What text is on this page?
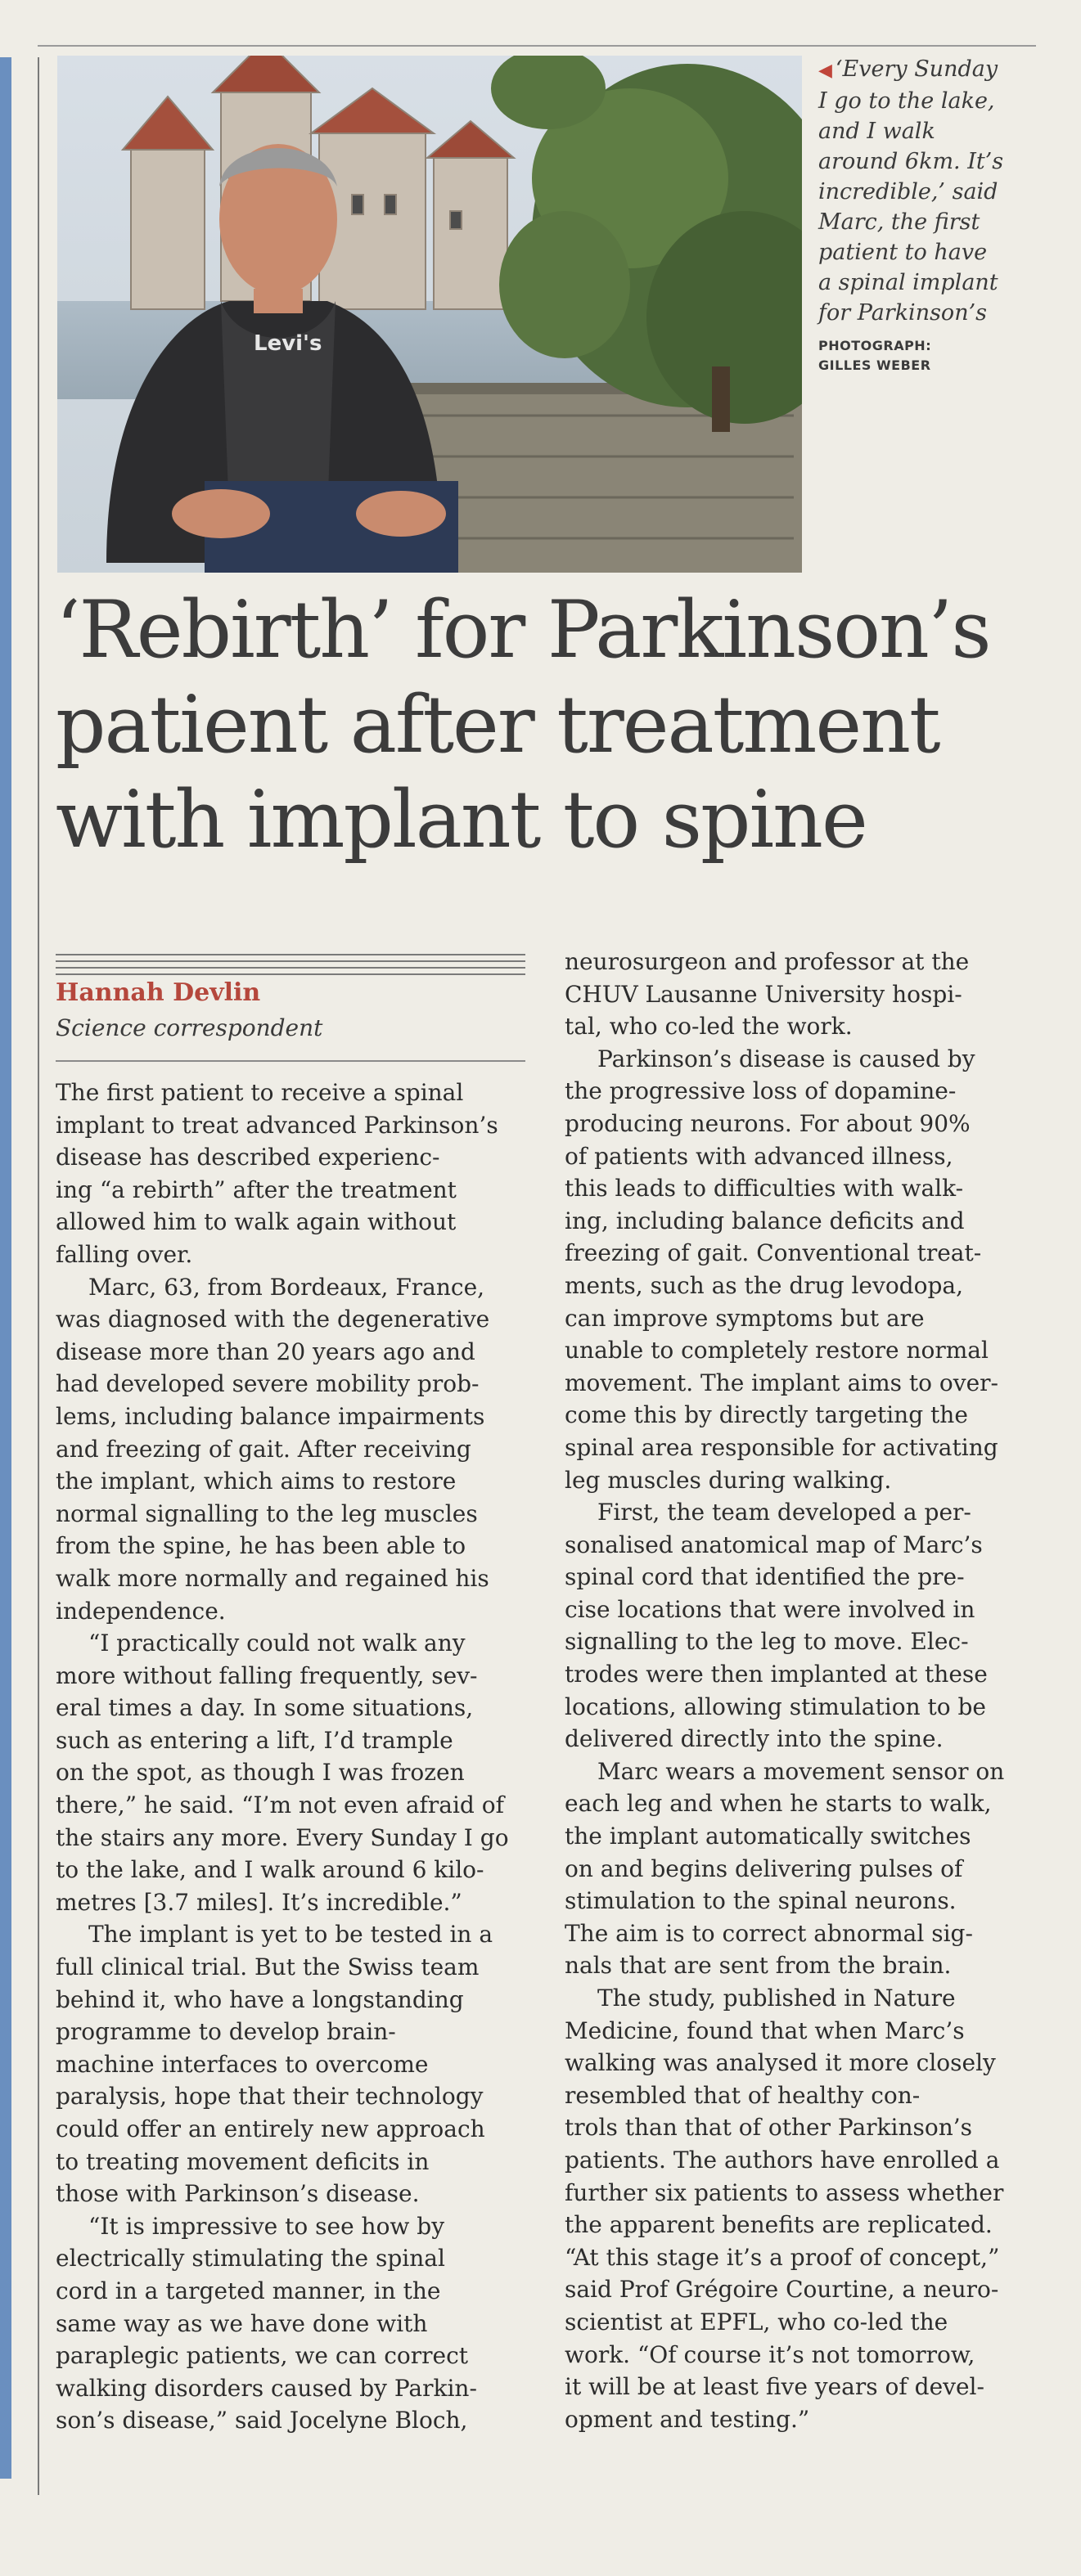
Levi's
◀ ‘Every Sunday
I go to the lake,
and I walk
around 6km. It’s
incredible,’ said
Marc, the first
patient to have
a spinal implant
for Parkinson’s
PHOTOGRAPH:
GILLES WEBER
‘Rebirth’ for Parkinson’s
patient after treatment
with implant to spine
Hannah Devlin
Science correspondent

The first patient to receive a spinal

implant to treat advanced Parkinson’s

disease has described experienc-

ing “a rebirth” after the treatment

allowed him to walk again without

falling over.

Marc, 63, from Bordeaux, France,

was diagnosed with the degenerative

disease more than 20 years ago and

had developed severe mobility prob-

lems, including balance impairments

and freezing of gait. After receiving

the implant, which aims to restore

normal signalling to the leg muscles

from the spine, he has been able to

walk more normally and regained his

independence.

“I practically could not walk any

more without falling frequently, sev-

eral times a day. In some situations,

such as entering a lift, I’d trample

on the spot, as though I was frozen

there,” he said. “I’m not even afraid of

the stairs any more. Every Sunday I go

to the lake, and I walk around 6 kilo-

metres [3.7 miles]. It’s incredible.”

The implant is yet to be tested in a

full clinical trial. But the Swiss team

behind it, who have a longstanding

programme to develop brain-

machine interfaces to overcome

paralysis, hope that their technology

could offer an entirely new approach

to treating movement deficits in

those with Parkinson’s disease.

“It is impressive to see how by

electrically stimulating the spinal

cord in a targeted manner, in the

same way as we have done with

paraplegic patients, we can correct

walking disorders caused by Parkin-

son’s disease,” said Jocelyne Bloch,

neurosurgeon and professor at the

CHUV Lausanne University hospi-

tal, who co-led the work.

Parkinson’s disease is caused by

the progressive loss of dopamine-

producing neurons. For about 90%

of patients with advanced illness,

this leads to difficulties with walk-

ing, including balance deficits and

freezing of gait. Conventional treat-

ments, such as the drug levodopa,

can improve symptoms but are

unable to completely restore normal

movement. The implant aims to over-

come this by directly targeting the

spinal area responsible for activating

leg muscles during walking.

First, the team developed a per-

sonalised anatomical map of Marc’s

spinal cord that identified the pre-

cise locations that were involved in

signalling to the leg to move. Elec-

trodes were then implanted at these

locations, allowing stimulation to be

delivered directly into the spine.

Marc wears a movement sensor on

each leg and when he starts to walk,

the implant automatically switches

on and begins delivering pulses of

stimulation to the spinal neurons.

The aim is to correct abnormal sig-

nals that are sent from the brain.

The study, published in Nature

Medicine, found that when Marc’s

walking was analysed it more closely

resembled that of healthy con-

trols than that of other Parkinson’s

patients. The authors have enrolled a

further six patients to assess whether

the apparent benefits are replicated.

“At this stage it’s a proof of concept,”

said Prof Grégoire Courtine, a neuro-

scientist at EPFL, who co-led the

work. “Of course it’s not tomorrow,

it will be at least five years of devel-

opment and testing.”
